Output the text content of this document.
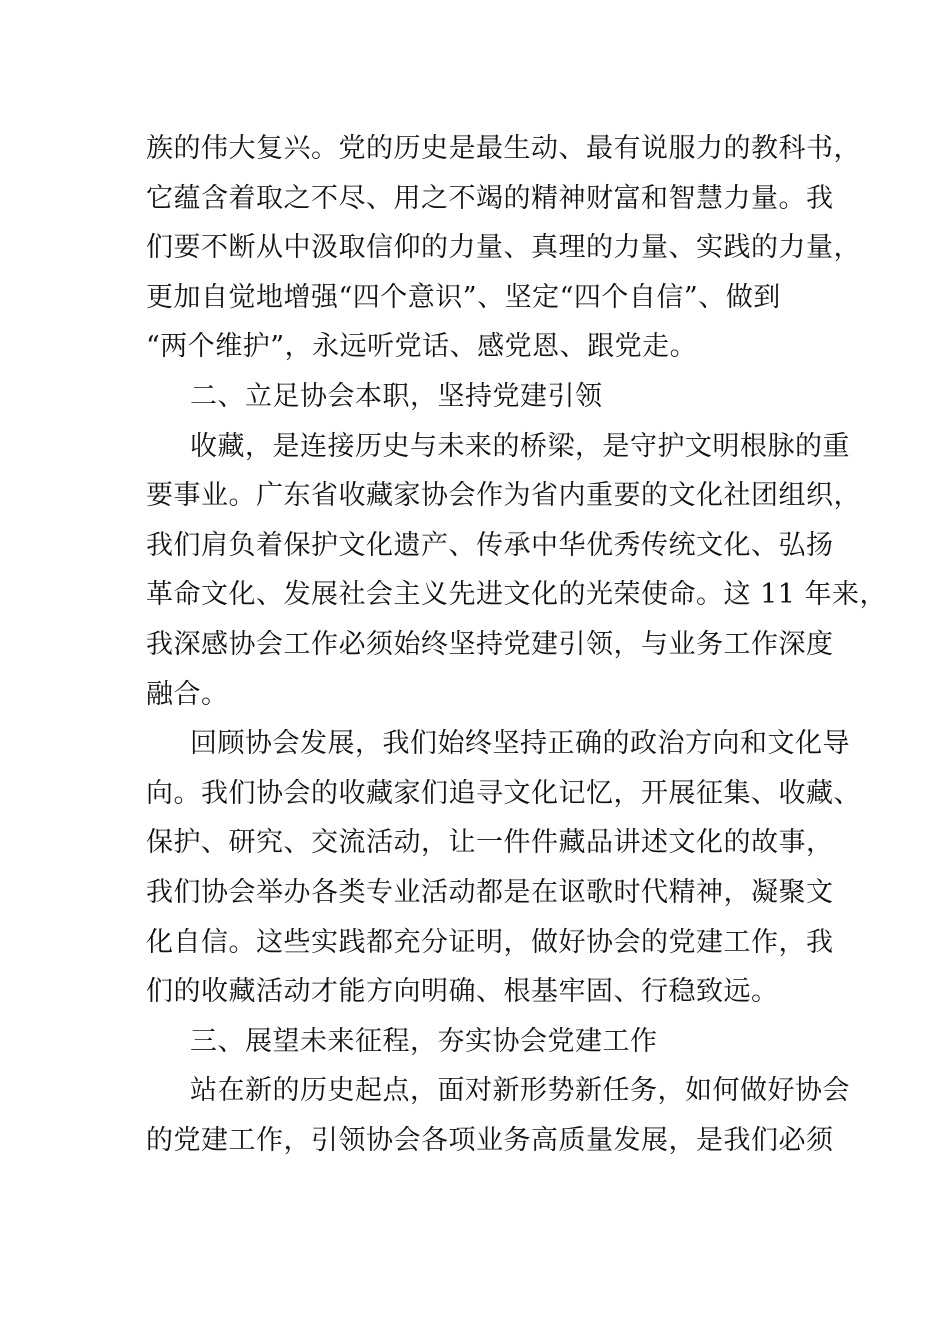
族的伟大复兴。党的历史是最生动、最有说服力的教科书，
它蕴含着取之不尽、用之不竭的精神财富和智慧力量。我
们要不断从中汲取信仰的力量、真理的力量、实践的力量，
更加自觉地增强“四个意识”、坚定“四个自信”、做到
“两个维护”，永远听党话、感党恩、跟党走。
二、立足协会本职，坚持党建引领
收藏，是连接历史与未来的桥梁，是守护文明根脉的重
要事业。广东省收藏家协会作为省内重要的文化社团组织，
我们肩负着保护文化遗产、传承中华优秀传统文化、弘扬
革命文化、发展社会主义先进文化的光荣使命。这 11 年来，
我深感协会工作必须始终坚持党建引领，与业务工作深度
融合。
回顾协会发展，我们始终坚持正确的政治方向和文化导
向。我们协会的收藏家们追寻文化记忆，开展征集、收藏、
保护、研究、交流活动，让一件件藏品讲述文化的故事，
我们协会举办各类专业活动都是在讴歌时代精神，凝聚文
化自信。这些实践都充分证明，做好协会的党建工作，我
们的收藏活动才能方向明确、根基牢固、行稳致远。
三、展望未来征程，夯实协会党建工作
站在新的历史起点，面对新形势新任务，如何做好协会
的党建工作，引领协会各项业务高质量发展，是我们必须
